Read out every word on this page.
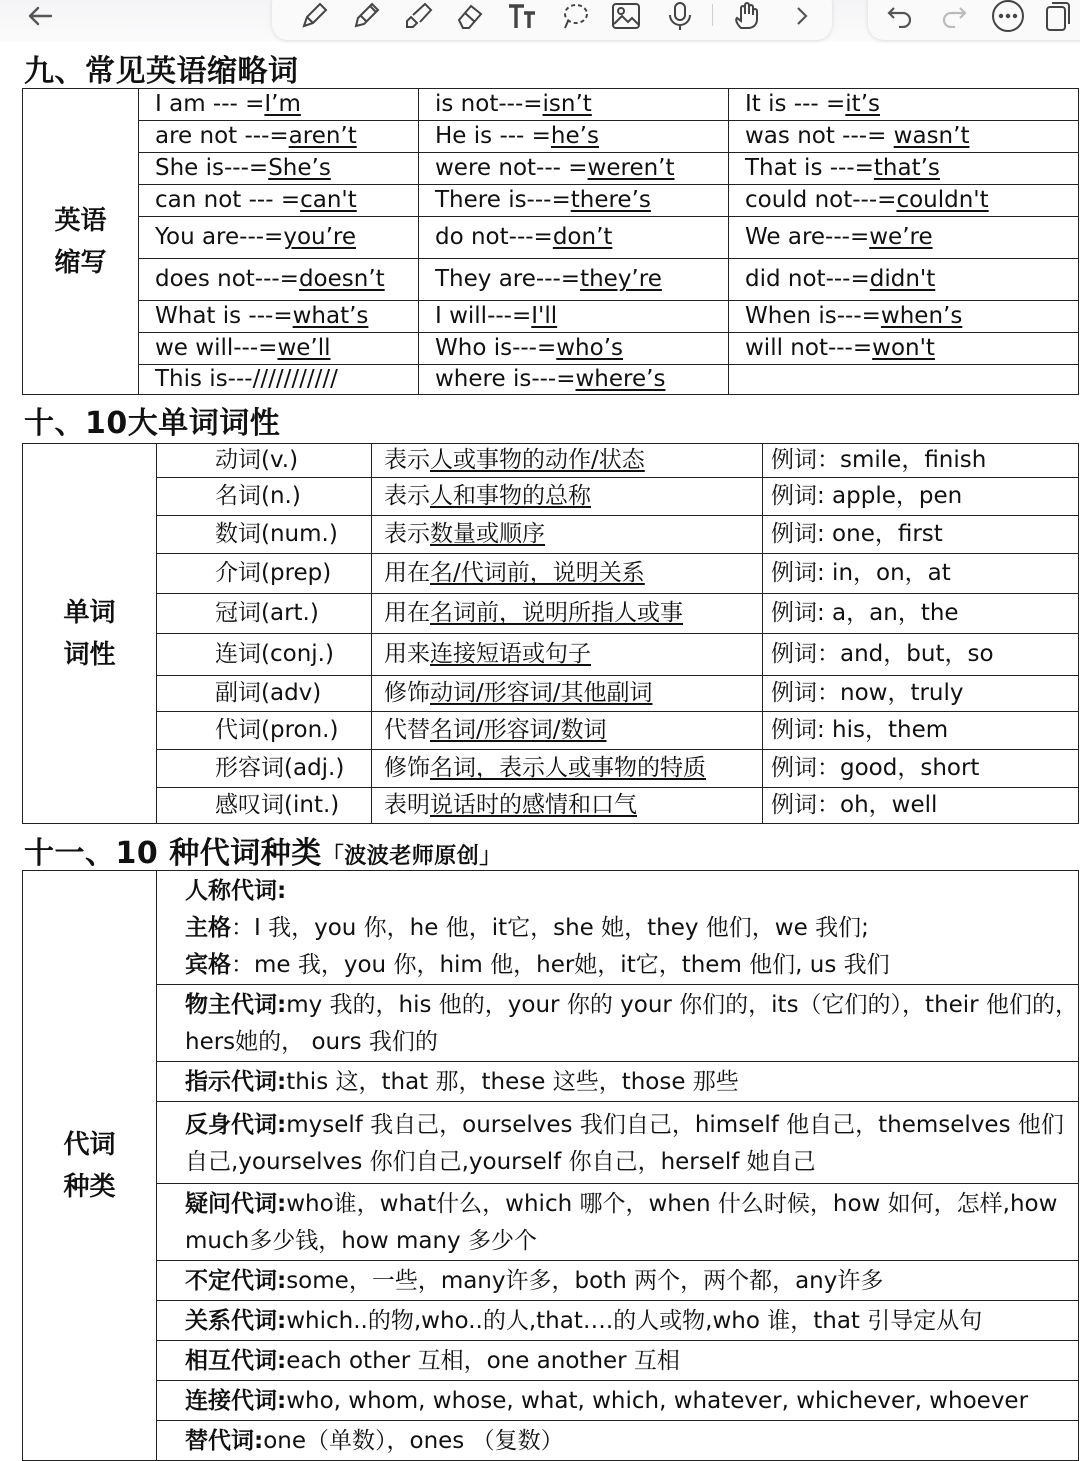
九、常见英语缩略词
英语
缩写	I am --- =I’m	is not---=isn’t	It is --- =it’s
	are not ---=aren’t	He is --- =he’s	was not ---= wasn’t
	She is---=She’s	were not--- =weren’t	That is ---=that’s
	can not --- =can't	There is---=there’s	could not---=couldn't
	You are---=you’re	do not---=don’t	We are---=we’re
	does not---=doesn’t	They are---=they’re	did not---=didn't
	What is ---=what’s	I will---=I'll	When is---=when’s
	we will---=we’ll	Who is---=who’s	will not---=won't
	This is---///////////	where is---=where’s	
十、10大单词词性
单词
词性	动词(v.)	表示人或事物的动作/状态	例词：smile，finish
	名词(n.)	表示人和事物的总称	例词: apple，pen
	数词(num.)	表示数量或顺序	例词: one，first
	介词(prep)	用在名/代词前，说明关系	例词: in，on，at
	冠词(art.)	用在名词前，说明所指人或事	例词: a，an，the
	连词(conj.)	用来连接短语或句子	例词：and，but，so
	副词(adv)	修饰动词/形容词/其他副词	例词：now，truly
	代词(pron.)	代替名词/形容词/数词	例词: his，them
	形容词(adj.)	修饰名词，表示人或事物的特质	例词：good，short
	感叹词(int.)	表明说话时的感情和口气	例词：oh，well
十一、10 种代词种类「波波老师原创」
代词
种类	人称代词:
主格：I 我，you 你，he 他，it它，she 她，they 他们，we 我们;
宾格：me 我，you 你，him 他，her她，it它，them 他们, us 我们
物主代词:my 我的，his 他的，your 你的 your 你们的，its（它们的），their 他们的，hers她的， ours 我们的
指示代词:this 这，that 那，these 这些，those 那些
反身代词:myself 我自己，ourselves 我们自己，himself 他自己，themselves 他们自己,yourselves 你们自己,yourself 你自己，herself 她自己
疑问代词:who谁，what什么，which 哪个，when 什么时候，how 如何，怎样,how much多少钱，how many 多少个
不定代词:some，一些，many许多，both 两个，两个都，any许多
关系代词:which..的物,who..的人,that….的人或物,who 谁，that 引导定从句
相互代词:each other 互相，one another 互相
连接代词:who, whom, whose, what, which, whatever, whichever, whoever
替代词:one（单数），ones （复数）
